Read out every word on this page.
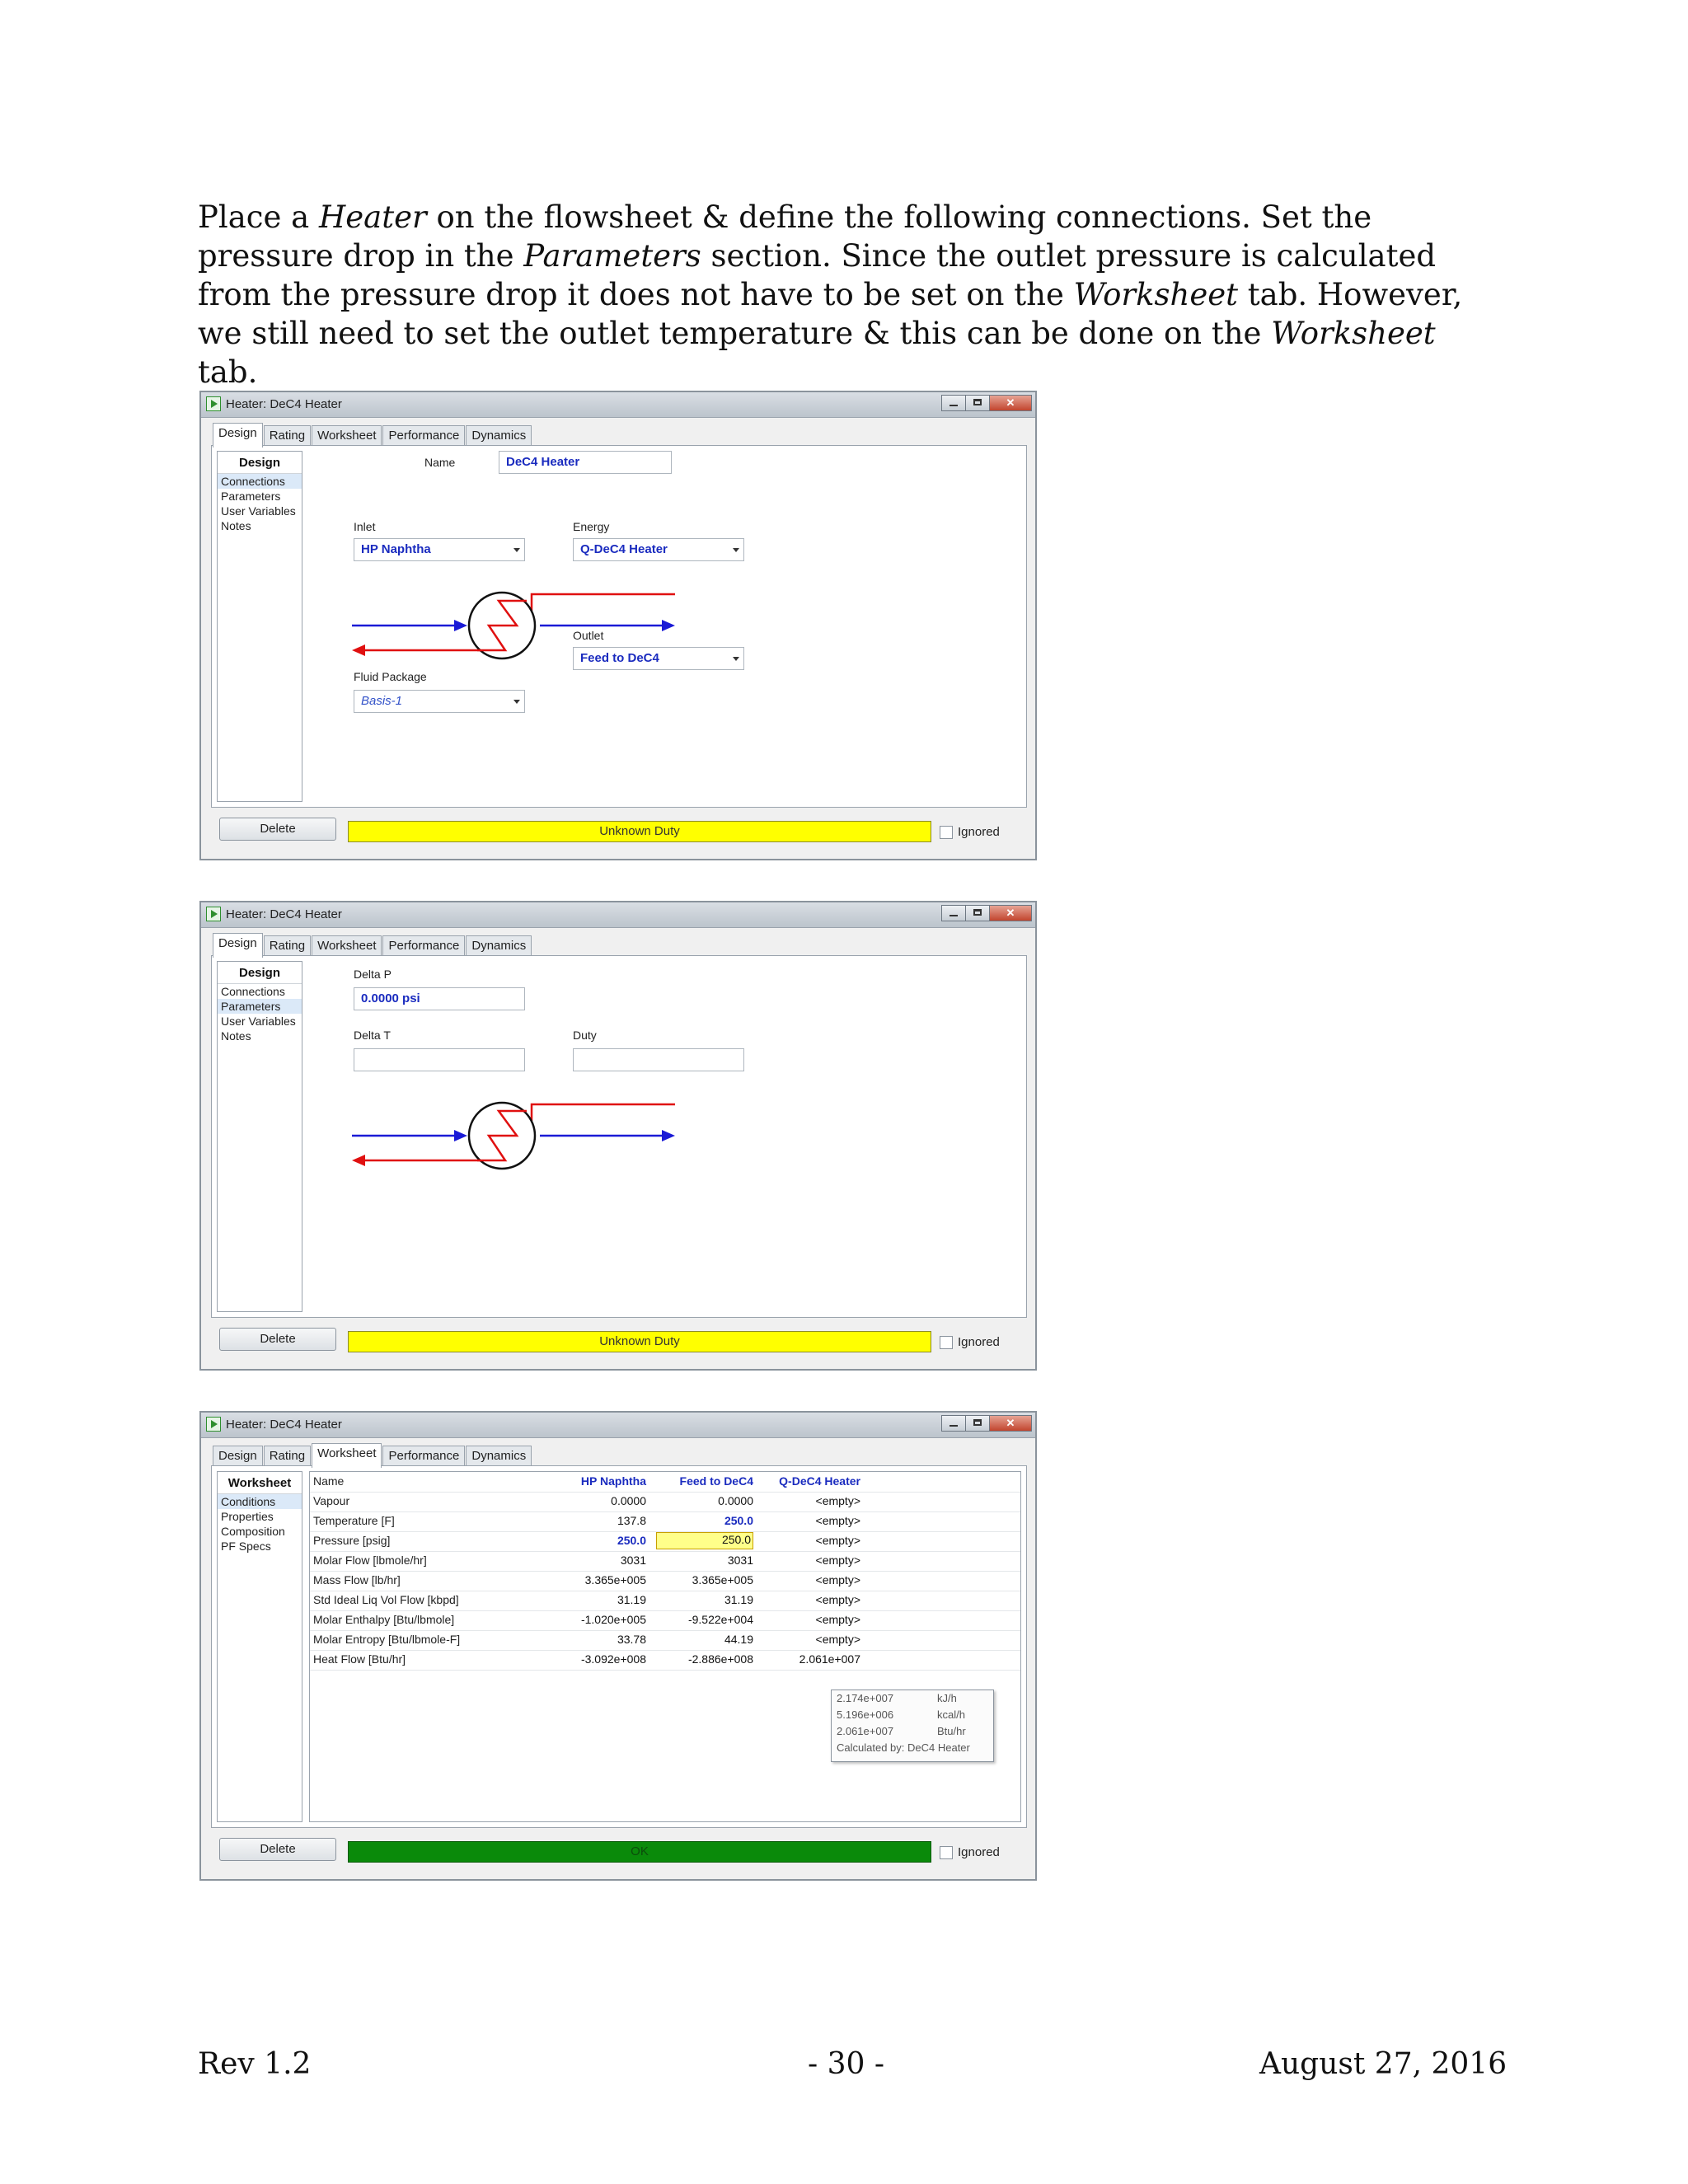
Place a Heater on the flowsheet & define the following connections. Set the pressure drop in the Parameters section. Since the outlet pressure is calculated from the pressure drop it does not have to be set on the Worksheet tab. However, we still need to set the outlet temperature & this can be done on the Worksheet tab.
Heater: DeC4 Heater	✕
Design	Rating	Worksheet	Performance	Dynamics
Design
Connections
Parameters
User Variables
Notes
Name	DeC4 Heater
Inlet
HP Naphtha
Energy
Q-DeC4 Heater
Outlet
Feed to DeC4
Fluid Package
Basis-1
Delete	Unknown Duty	Ignored
Heater: DeC4 Heater	✕
Design	Rating	Worksheet	Performance	Dynamics
Design
Connections
Parameters
User Variables
Notes
Delta P
0.0000 psi
Delta T	Duty
Delete	Unknown Duty	Ignored
Heater: DeC4 Heater	✕
Design	Rating	Worksheet	Performance	Dynamics
Worksheet
Conditions
Properties
Composition
PF Specs
Name	HP Naphtha	Feed to DeC4	Q-DeC4 Heater
Vapour	0.0000	0.0000	<empty>
Temperature [F]	137.8	250.0	<empty>
Pressure [psig]	250.0	250.0	<empty>
Molar Flow [lbmole/hr]	3031	3031	<empty>
Mass Flow [lb/hr]	3.365e+005	3.365e+005	<empty>
Std Ideal Liq Vol Flow [kbpd]	31.19	31.19	<empty>
Molar Enthalpy [Btu/lbmole]	-1.020e+005	-9.522e+004	<empty>
Molar Entropy [Btu/lbmole-F]	33.78	44.19	<empty>
Heat Flow [Btu/hr]	-3.092e+008	-2.886e+008	2.061e+007
2.174e+007	kJ/h
5.196e+006	kcal/h
2.061e+007	Btu/hr
Calculated by: DeC4 Heater
Delete	OK	Ignored
Rev 1.2	- 30 -	August 27, 2016
